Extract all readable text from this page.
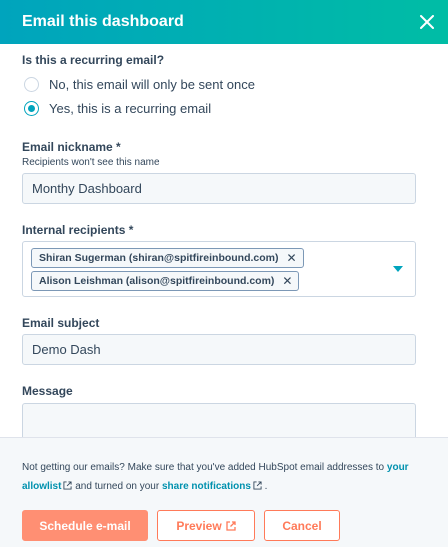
Email this dashboard
Is this a recurring email?
No, this email will only be sent once
Yes, this is a recurring email
Email nickname *
Recipients won't see this name
Monthy Dashboard
Internal recipients *
Shiran Sugerman (shiran@spitfireinbound.com) ✕
Alison Leishman (alison@spitfireinbound.com) ✕
Email subject
Demo Dash
Message
Not getting our emails? Make sure that you've added HubSpot email addresses to your allowlist and turned on your share notifications .
Schedule e-mail	Preview	Cancel
